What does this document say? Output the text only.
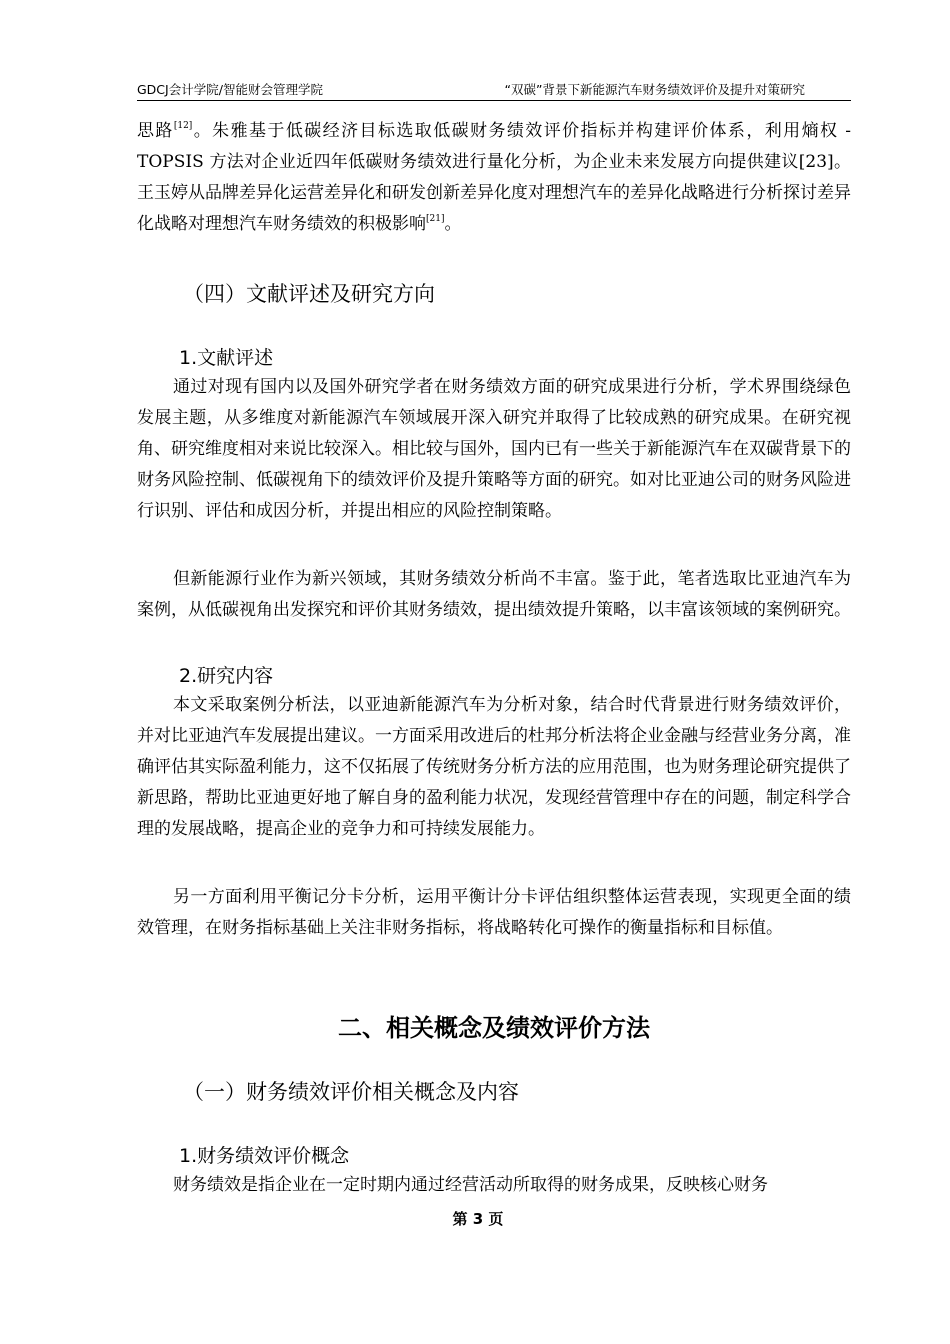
GDCJ会计学院/智能财会管理学院	“双碳”背景下新能源汽车财务绩效评价及提升对策研究

思路[12]。朱雅基于低碳经济目标选取低碳财务绩效评价指标并构建评价体系，利用熵权 -TOPSIS 方法对企业近四年低碳财务绩效进行量化分析，为企业未来发展方向提供建议[23]。王玉婷从品牌差异化运营差异化和研发创新差异化度对理想汽车的差异化战略进行分析探讨差异化战略对理想汽车财务绩效的积极影响[21]。

（四）文献评述及研究方向
1.文献评述

通过对现有国内以及国外研究学者在财务绩效方面的研究成果进行分析，学术界围绕绿色发展主题，从多维度对新能源汽车领域展开深入研究并取得了比较成熟的研究成果。在研究视角、研究维度相对来说比较深入。相比较与国外，国内已有一些关于新能源汽车在双碳背景下的财务风险控制、低碳视角下的绩效评价及提升策略等方面的研究。如对比亚迪公司的财务风险进行识别、评估和成因分析，并提出相应的风险控制策略。

但新能源行业作为新兴领域，其财务绩效分析尚不丰富。鉴于此，笔者选取比亚迪汽车为案例，从低碳视角出发探究和评价其财务绩效，提出绩效提升策略，以丰富该领域的案例研究。

2.研究内容

本文采取案例分析法，以亚迪新能源汽车为分析对象，结合时代背景进行财务绩效评价，并对比亚迪汽车发展提出建议。一方面采用改进后的杜邦分析法将企业金融与经营业务分离，准确评估其实际盈利能力，这不仅拓展了传统财务分析方法的应用范围，也为财务理论研究提供了新思路，帮助比亚迪更好地了解自身的盈利能力状况，发现经营管理中存在的问题，制定科学合理的发展战略，提高企业的竞争力和可持续发展能力。

另一方面利用平衡记分卡分析，运用平衡计分卡评估组织整体运营表现，实现更全面的绩效管理，在财务指标基础上关注非财务指标，将战略转化可操作的衡量指标和目标值。

二、相关概念及绩效评价方法
（一）财务绩效评价相关概念及内容
1.财务绩效评价概念

财务绩效是指企业在一定时期内通过经营活动所取得的财务成果，反映核心财务

第 3 页
